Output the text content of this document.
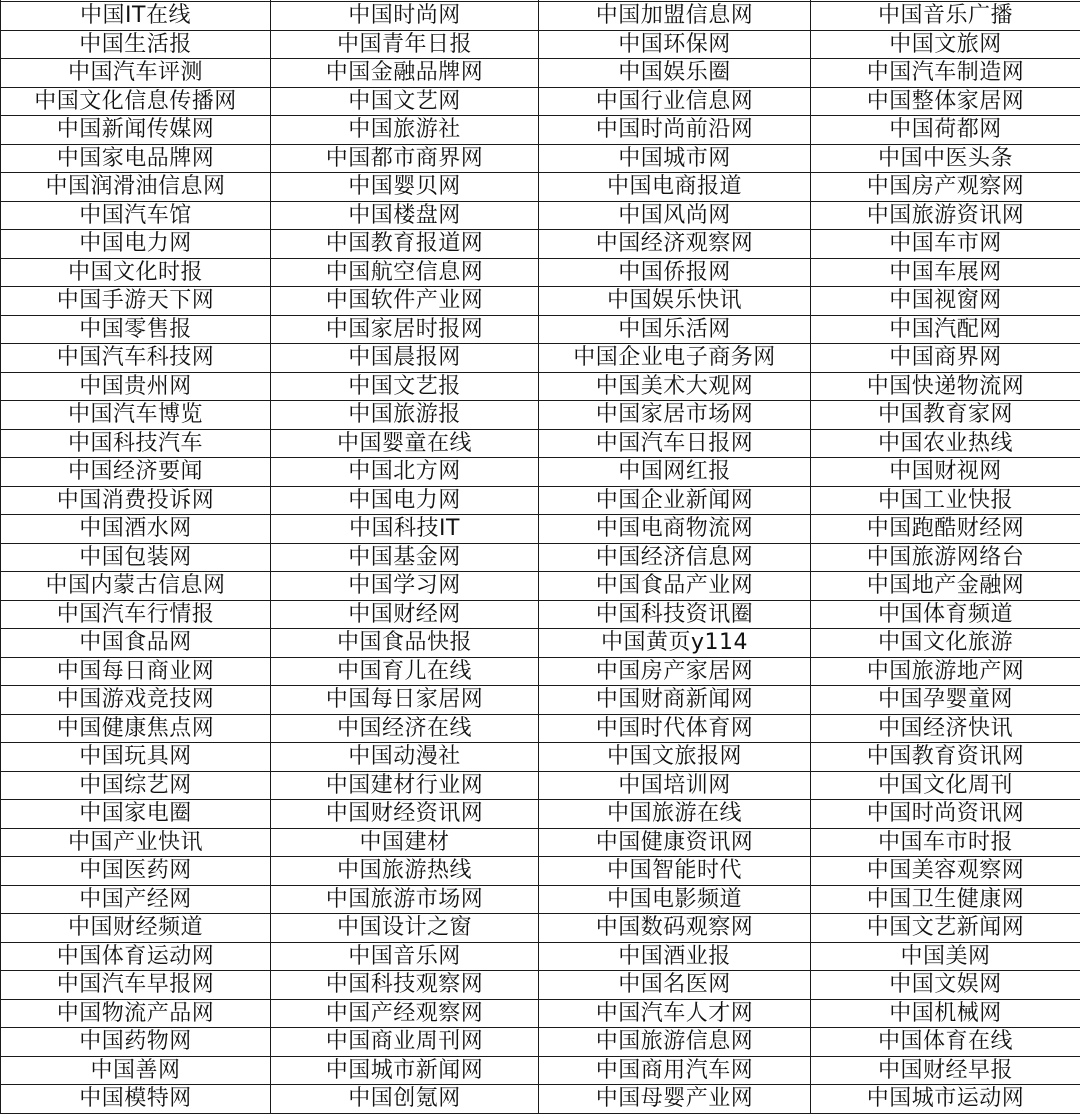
中国IT在线	中国时尚网	中国加盟信息网	中国音乐广播
中国生活报	中国青年日报	中国环保网	中国文旅网
中国汽车评测	中国金融品牌网	中国娱乐圈	中国汽车制造网
中国文化信息传播网	中国文艺网	中国行业信息网	中国整体家居网
中国新闻传媒网	中国旅游社	中国时尚前沿网	中国荷都网
中国家电品牌网	中国都市商界网	中国城市网	中国中医头条
中国润滑油信息网	中国婴贝网	中国电商报道	中国房产观察网
中国汽车馆	中国楼盘网	中国风尚网	中国旅游资讯网
中国电力网	中国教育报道网	中国经济观察网	中国车市网
中国文化时报	中国航空信息网	中国侨报网	中国车展网
中国手游天下网	中国软件产业网	中国娱乐快讯	中国视窗网
中国零售报	中国家居时报网	中国乐活网	中国汽配网
中国汽车科技网	中国晨报网	中国企业电子商务网	中国商界网
中国贵州网	中国文艺报	中国美术大观网	中国快递物流网
中国汽车博览	中国旅游报	中国家居市场网	中国教育家网
中国科技汽车	中国婴童在线	中国汽车日报网	中国农业热线
中国经济要闻	中国北方网	中国网红报	中国财视网
中国消费投诉网	中国电力网	中国企业新闻网	中国工业快报
中国酒水网	中国科技IT	中国电商物流网	中国跑酷财经网
中国包装网	中国基金网	中国经济信息网	中国旅游网络台
中国内蒙古信息网	中国学习网	中国食品产业网	中国地产金融网
中国汽车行情报	中国财经网	中国科技资讯圈	中国体育频道
中国食品网	中国食品快报	中国黄页y114	中国文化旅游
中国每日商业网	中国育儿在线	中国房产家居网	中国旅游地产网
中国游戏竞技网	中国每日家居网	中国财商新闻网	中国孕婴童网
中国健康焦点网	中国经济在线	中国时代体育网	中国经济快讯
中国玩具网	中国动漫社	中国文旅报网	中国教育资讯网
中国综艺网	中国建材行业网	中国培训网	中国文化周刊
中国家电圈	中国财经资讯网	中国旅游在线	中国时尚资讯网
中国产业快讯	中国建材	中国健康资讯网	中国车市时报
中国医药网	中国旅游热线	中国智能时代	中国美容观察网
中国产经网	中国旅游市场网	中国电影频道	中国卫生健康网
中国财经频道	中国设计之窗	中国数码观察网	中国文艺新闻网
中国体育运动网	中国音乐网	中国酒业报	中国美网
中国汽车早报网	中国科技观察网	中国名医网	中国文娱网
中国物流产品网	中国产经观察网	中国汽车人才网	中国机械网
中国药物网	中国商业周刊网	中国旅游信息网	中国体育在线
中国善网	中国城市新闻网	中国商用汽车网	中国财经早报
中国模特网	中国创氪网	中国母婴产业网	中国城市运动网
